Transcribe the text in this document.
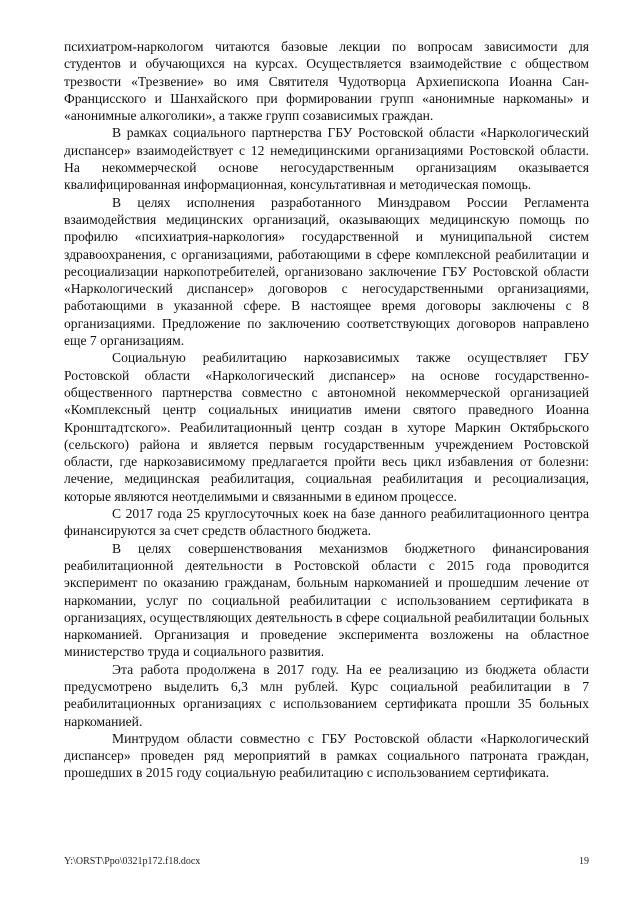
психиатром-наркологом читаются базовые лекции по вопросам зависимости для студентов и обучающихся на курсах. Осуществляется взаимодействие с обществом трезвости «Трезвение» во имя Святителя Чудотворца Архиепископа Иоанна Сан-Францисского и Шанхайского при формировании групп «анонимные наркоманы» и «анонимные алкоголики», а также групп созависимых граждан.

В рамках социального партнерства ГБУ Ростовской области «Наркологический диспансер» взаимодействует с 12 немедицинскими организациями Ростовской области. На некоммерческой основе негосударственным организациям оказывается квалифицированная информационная, консультативная и методическая помощь.

В целях исполнения разработанного Минздравом России Регламента взаимодействия медицинских организаций, оказывающих медицинскую помощь по профилю «психиатрия-наркология» государственной и муниципальной систем здравоохранения, с организациями, работающими в сфере комплексной реабилитации и ресоциализации наркопотребителей, организовано заключение ГБУ Ростовской области «Наркологический диспансер» договоров с негосударственными организациями, работающими в указанной сфере. В настоящее время договоры заключены с 8 организациями. Предложение по заключению соответствующих договоров направлено еще 7 организациям.

Социальную реабилитацию наркозависимых также осуществляет ГБУ Ростовской области «Наркологический диспансер» на основе государственно-общественного партнерства совместно с автономной некоммерческой организацией «Комплексный центр социальных инициатив имени святого праведного Иоанна Кронштадтского». Реабилитационный центр создан в хуторе Маркин Октябрьского (сельского) района и является первым государственным учреждением Ростовской области, где наркозависимому предлагается пройти весь цикл избавления от болезни: лечение, медицинская реабилитация, социальная реабилитация и ресоциализация, которые являются неотделимыми и связанными в едином процессе.

С 2017 года 25 круглосуточных коек на базе данного реабилитационного центра финансируются за счет средств областного бюджета.

В целях совершенствования механизмов бюджетного финансирования реабилитационной деятельности в Ростовской области с 2015 года проводится эксперимент по оказанию гражданам, больным наркоманией и прошедшим лечение от наркомании, услуг по социальной реабилитации с использованием сертификата в организациях, осуществляющих деятельность в сфере социальной реабилитации больных наркоманией. Организация и проведение эксперимента возложены на областное министерство труда и социального развития.

Эта работа продолжена в 2017 году. На ее реализацию из бюджета области предусмотрено выделить 6,3 млн рублей. Курс социальной реабилитации в 7 реабилитационных организациях с использованием сертификата прошли 35 больных наркоманией.

Минтрудом области совместно с ГБУ Ростовской области «Наркологический диспансер» проведен ряд мероприятий в рамках социального патроната граждан, прошедших в 2015 году социальную реабилитацию с использованием сертификата.

Y:\ORST\Ppo\0321p172.f18.docx	19
